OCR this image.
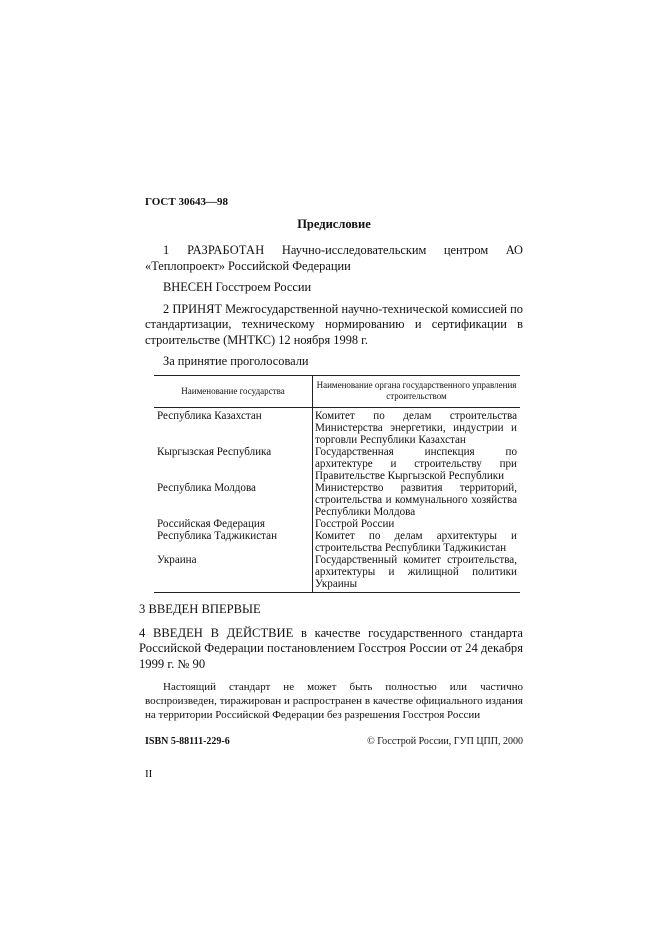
ГОСТ 30643—98
Предисловие

1 РАЗРАБОТАН Научно-исследовательским центром АО «Теплопроект» Российской Федерации

ВНЕСЕН Госстроем России

2 ПРИНЯТ Межгосударственной научно-технической комиссией по стандартизации, техническому нормированию и сертификации в строительстве (МНТКС) 12 ноября 1998 г.

За принятие проголосовали
Наименование государства	Наименование органа государственного управления строительством
Республика Казахстан	Комитет по делам строительства Министерства энергетики, индустрии и торговли Республики Казахстан
Кыргызская Республика	Государственная инспекция по архитектуре и строительству при Правительстве Кыргызской Республики
Республика Молдова	Министерство развития территорий, строительства и коммунального хозяйства Республики Молдова
Российская Федерация	Госстрой России
Республика Таджикистан	Комитет по делам архитектуры и строительства Республики Таджикистан
Украина	Государственный комитет строительства, архитектуры и жилищной политики Украины
3 ВВЕДЕН ВПЕРВЫЕ
4 ВВЕДЕН В ДЕЙСТВИЕ в качестве государственного стандарта Российской Федерации постановлением Госстроя России от 24 декабря 1999 г. № 90
Настоящий стандарт не может быть полностью или частично воспроизведен, тиражирован и распространен в качестве официального издания на территории Российской Федерации без разрешения Госстроя России
ISBN 5-88111-229-6	© Госстрой России, ГУП ЦПП, 2000
II
